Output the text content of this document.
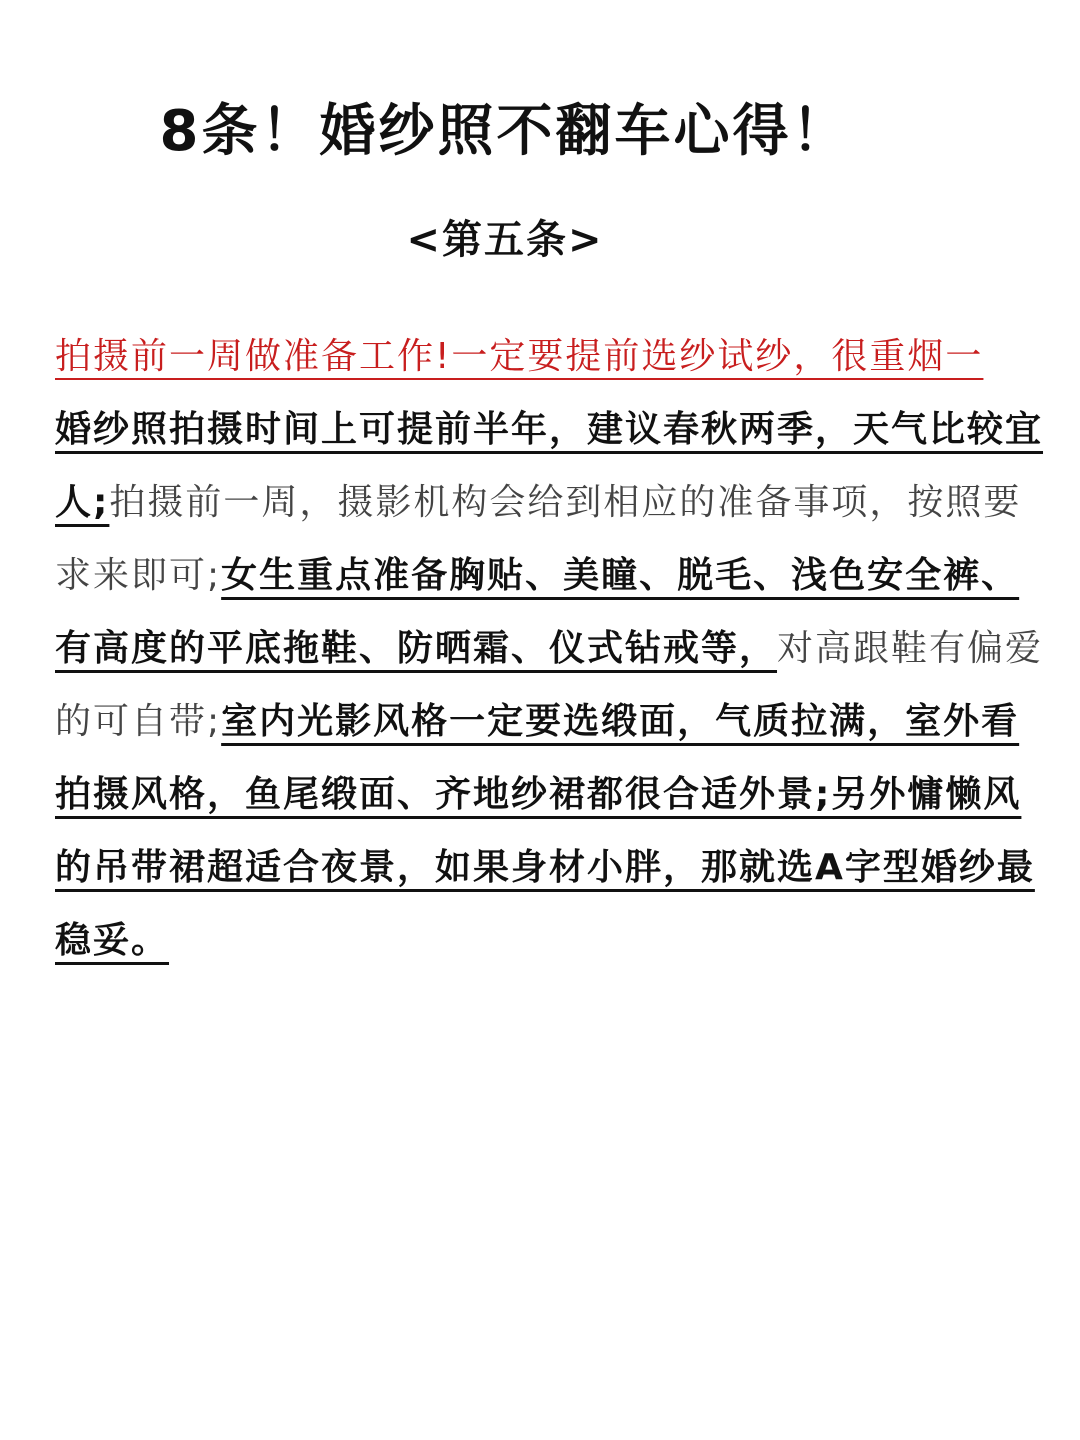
8条！婚纱照不翻车心得！
<第五条>
拍摄前一周做准备工作!一定要提前选纱试纱，很重烟一
婚纱照拍摄时间上可提前半年，建议春秋两季，天气比较宜人;拍摄前一周，摄影机构会给到相应的准备事项，按照要求来即可;女生重点准备胸贴、美瞳、脱毛、浅色安全裤、有高度的平底拖鞋、防晒霜、仪式钻戒等，对高跟鞋有偏爱的可自带;室内光影风格一定要选缎面，气质拉满，室外看拍摄风格，鱼尾缎面、齐地纱裙都很合适外景;另外慵懒风的吊带裙超适合夜景，如果身材小胖，那就选A字型婚纱最稳妥。
